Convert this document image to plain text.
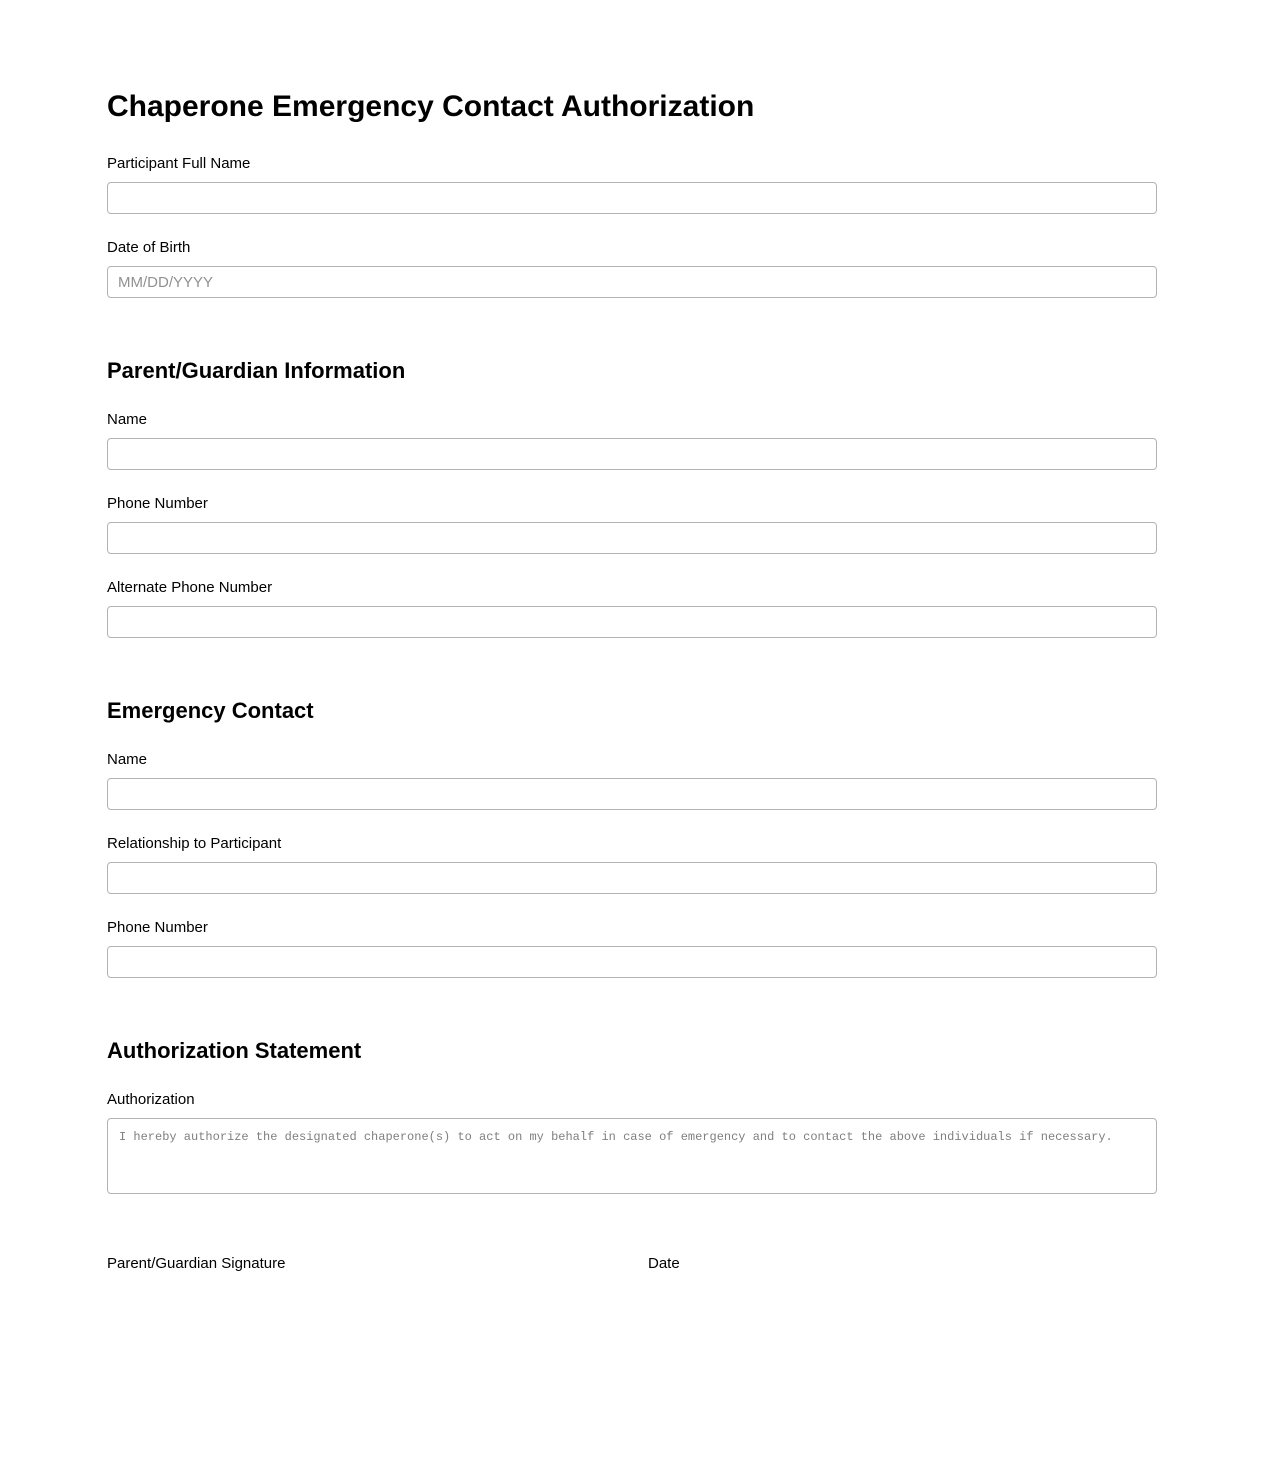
Chaperone Emergency Contact Authorization
Participant Full Name
Date of Birth
MM/DD/YYYY
Parent/Guardian Information
Name
Phone Number
Alternate Phone Number
Emergency Contact
Name
Relationship to Participant
Phone Number
Authorization Statement
Authorization
I hereby authorize the designated chaperone(s) to act on my behalf in case of emergency and to contact the above individuals if necessary.
Parent/Guardian Signature	Date
